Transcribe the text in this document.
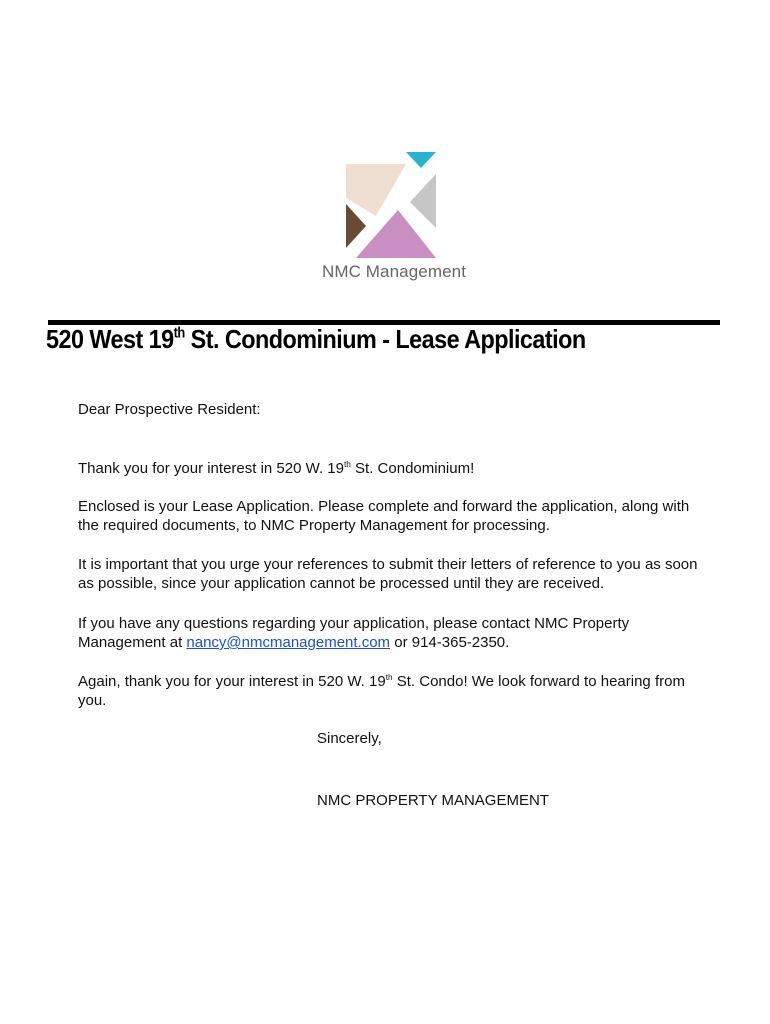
NMC Management
520 West 19th St. Condominium - Lease Application
Dear Prospective Resident:
Thank you for your interest in 520 W. 19th St. Condominium!
Enclosed is your Lease Application. Please complete and forward the application, along with the required documents, to NMC Property Management for processing.
It is important that you urge your references to submit their letters of reference to you as soon as possible, since your application cannot be processed until they are received.
If you have any questions regarding your application, please contact NMC Property Management at nancy@nmcmanagement.com or 914-365-2350.
Again, thank you for your interest in 520 W. 19th St. Condo! We look forward to hearing from you.
Sincerely,
NMC PROPERTY MANAGEMENT
